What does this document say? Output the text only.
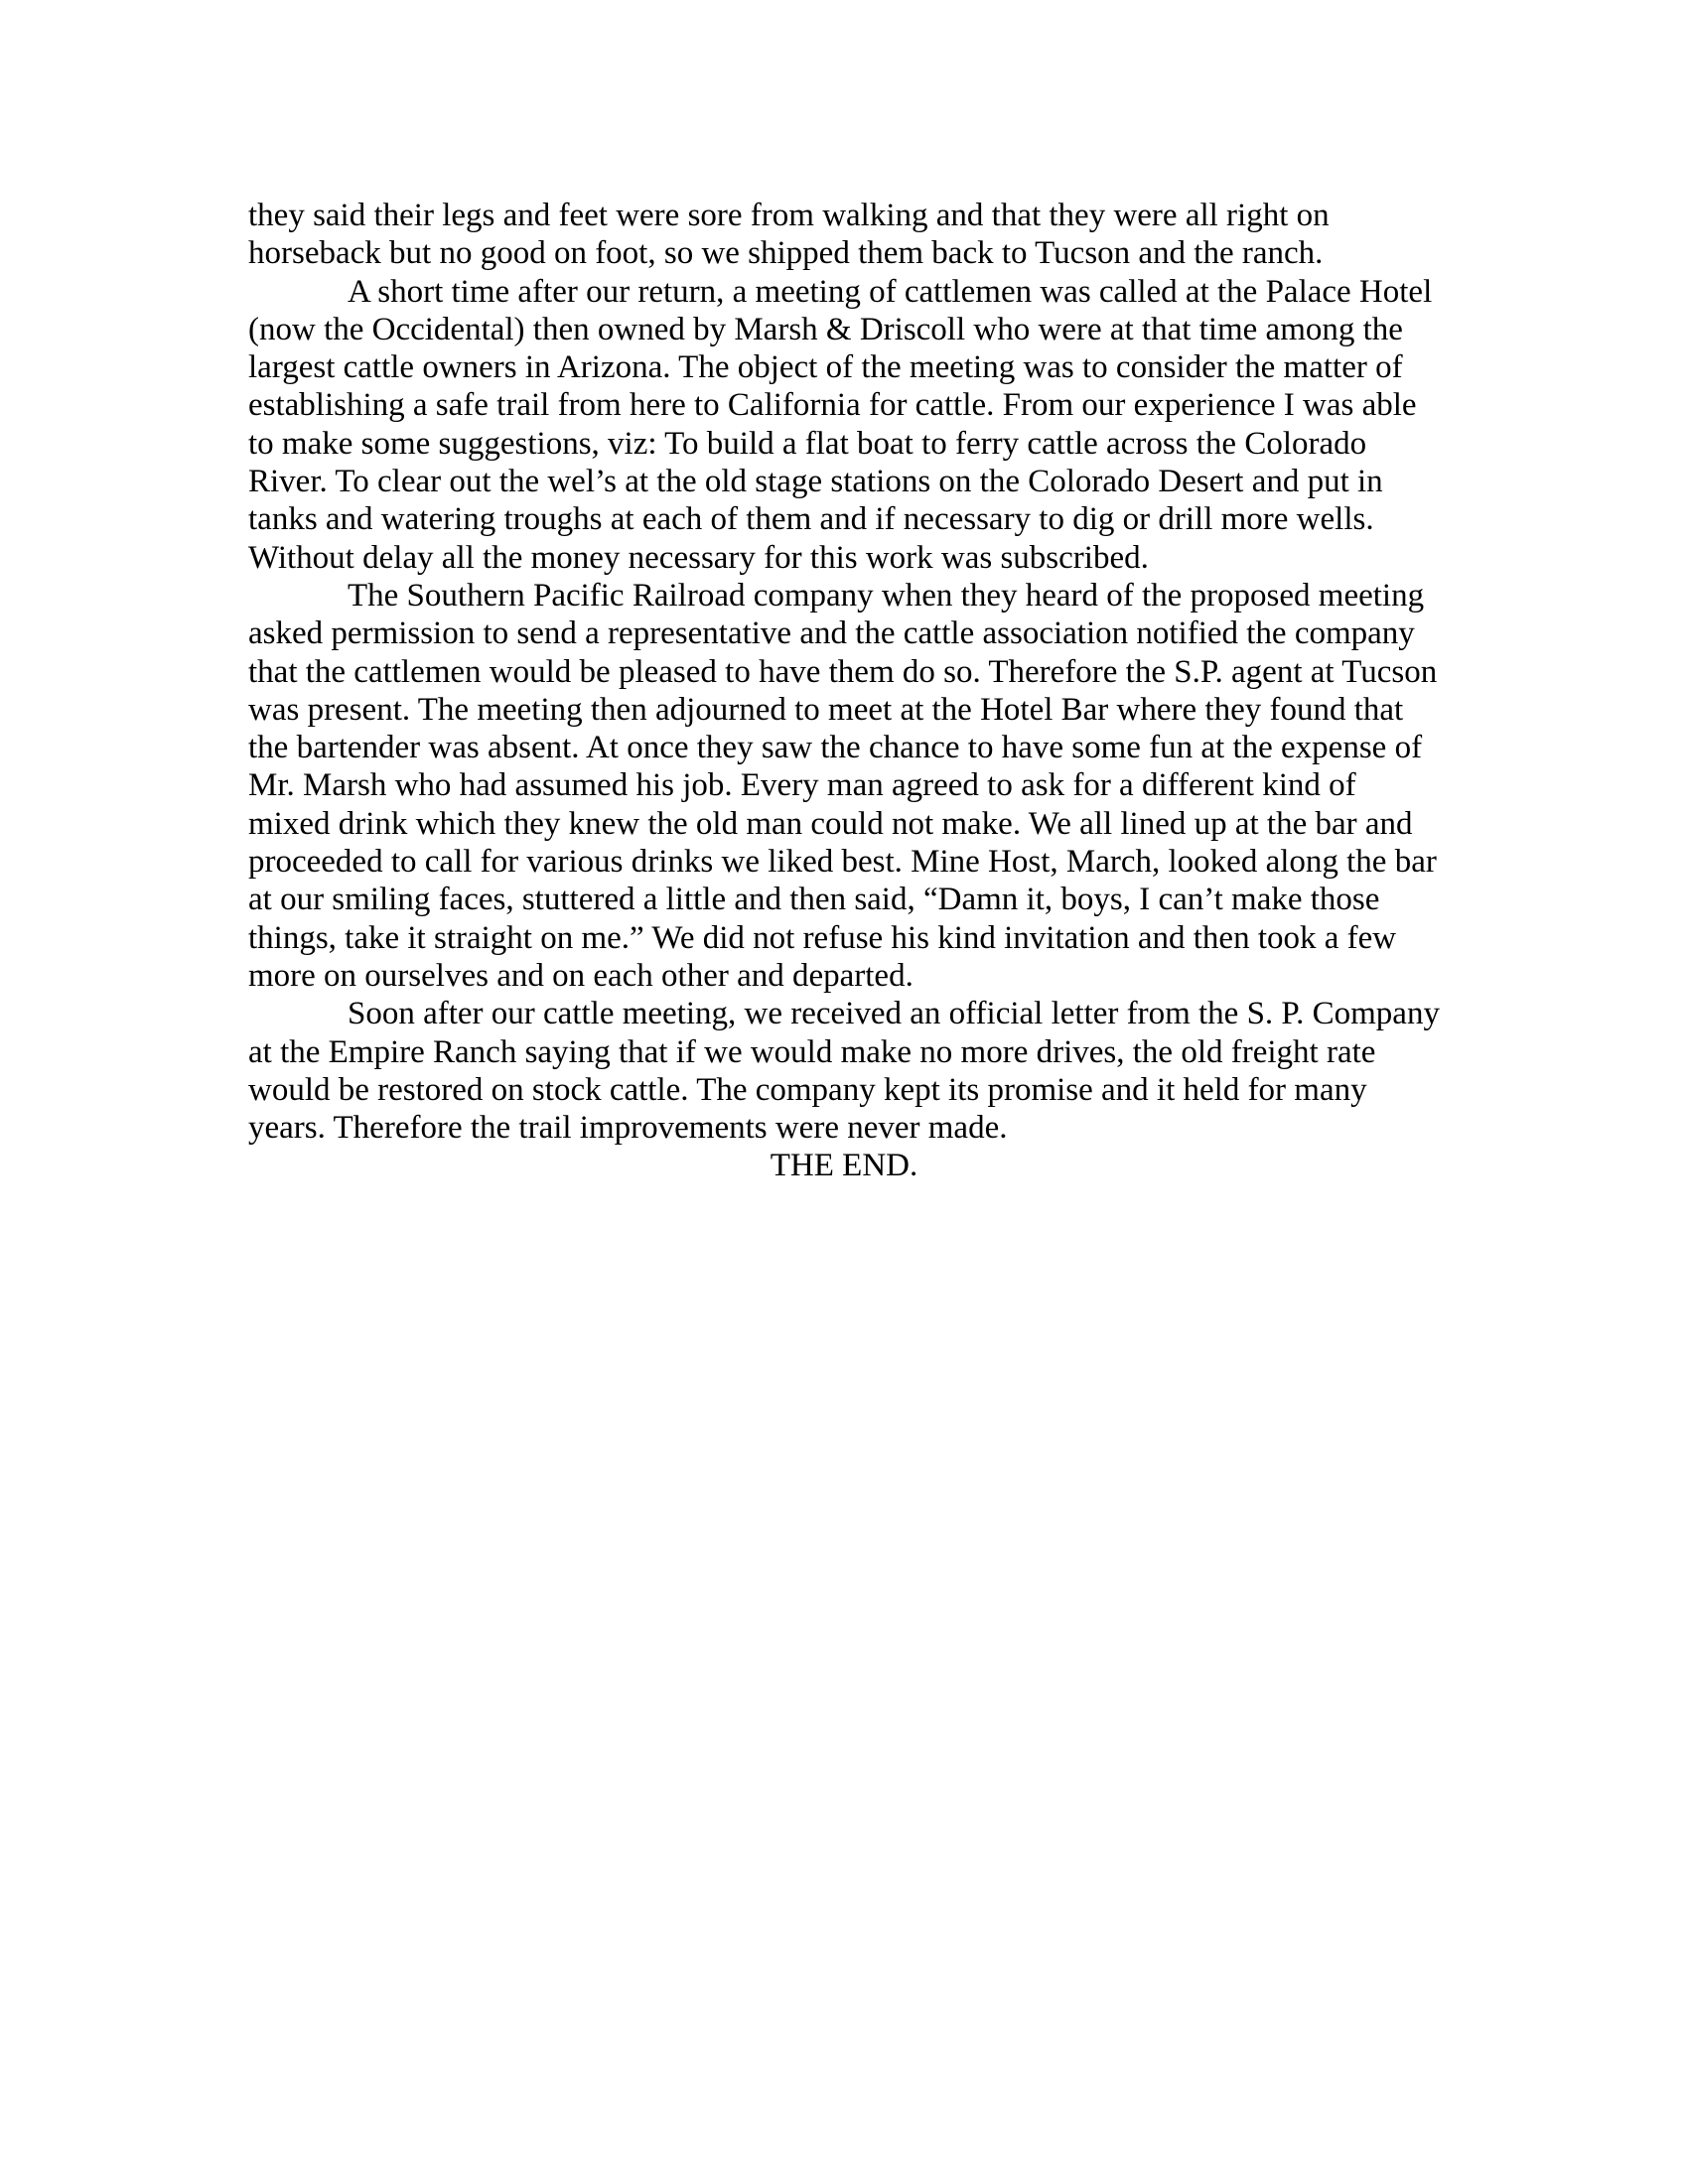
they said their legs and feet were sore from walking and that they were all right on horseback but no good on foot, so we shipped them back to Tucson and the ranch.

A short time after our return, a meeting of cattlemen was called at the Palace Hotel (now the Occidental) then owned by Marsh & Driscoll who were at that time among the largest cattle owners in Arizona. The object of the meeting was to consider the matter of establishing a safe trail from here to California for cattle. From our experience I was able to make some suggestions, viz: To build a flat boat to ferry cattle across the Colorado River. To clear out the wel’s at the old stage stations on the Colorado Desert and put in tanks and watering troughs at each of them and if necessary to dig or drill more wells. Without delay all the money necessary for this work was subscribed.

The Southern Pacific Railroad company when they heard of the proposed meeting asked permission to send a representative and the cattle association notified the company that the cattlemen would be pleased to have them do so. Therefore the S.P. agent at Tucson was present. The meeting then adjourned to meet at the Hotel Bar where they found that the bartender was absent. At once they saw the chance to have some fun at the expense of Mr. Marsh who had assumed his job. Every man agreed to ask for a different kind of mixed drink which they knew the old man could not make. We all lined up at the bar and proceeded to call for various drinks we liked best. Mine Host, March, looked along the bar at our smiling faces, stuttered a little and then said, “Damn it, boys, I can’t make those things, take it straight on me.” We did not refuse his kind invitation and then took a few more on ourselves and on each other and departed.

Soon after our cattle meeting, we received an official letter from the S. P. Company at the Empire Ranch saying that if we would make no more drives, the old freight rate would be restored on stock cattle. The company kept its promise and it held for many years. Therefore the trail improvements were never made.

THE END.
